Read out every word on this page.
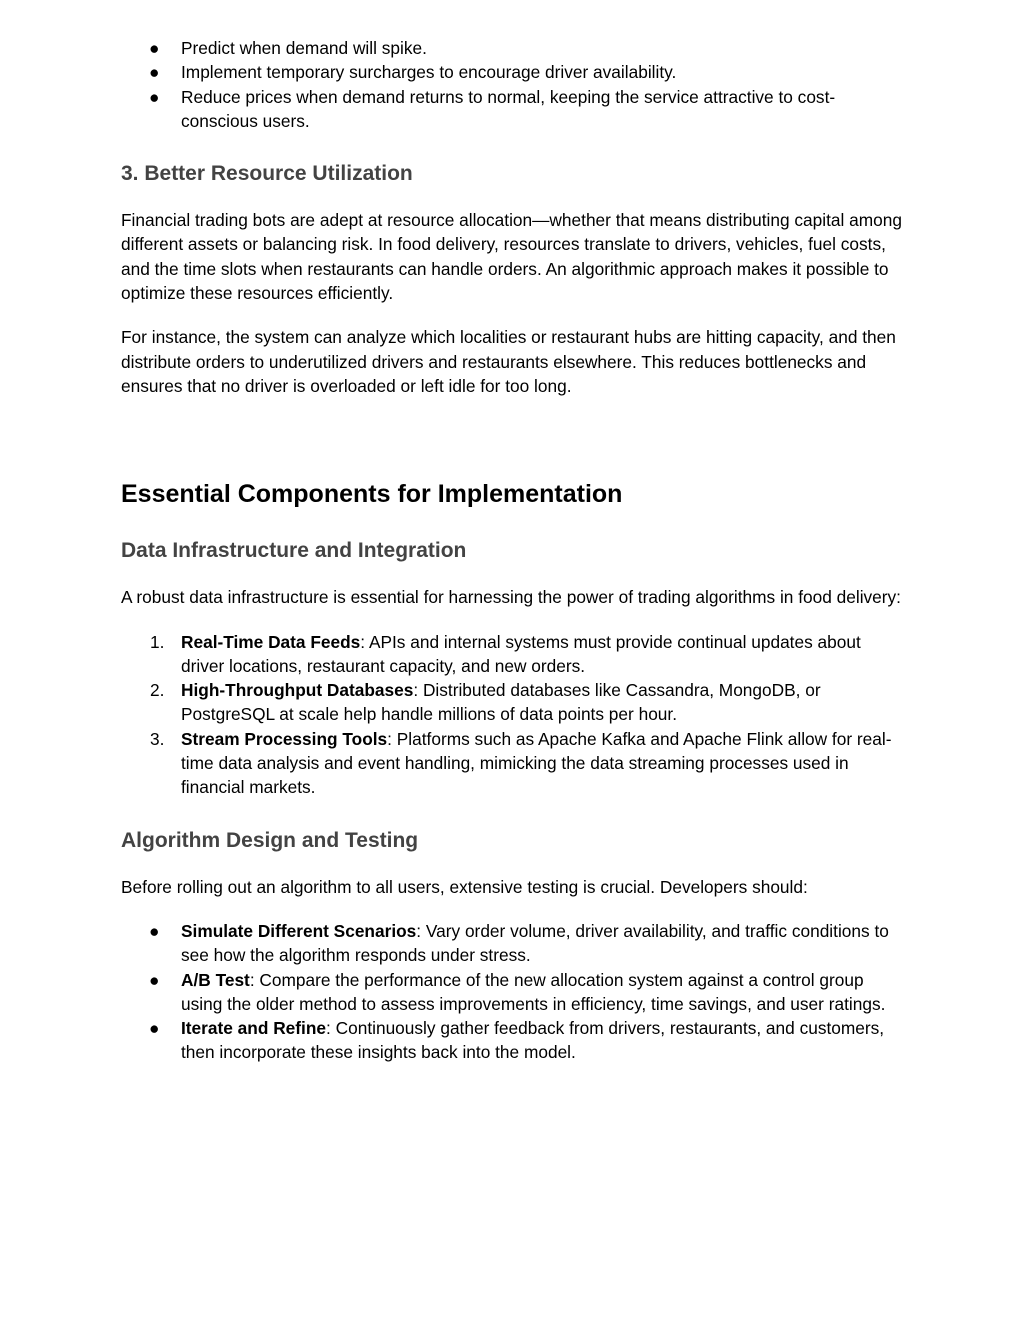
●	Predict when demand will spike.
●	Implement temporary surcharges to encourage driver availability.
●	Reduce prices when demand returns to normal, keeping the service attractive to cost-conscious users.
3. Better Resource Utilization

Financial trading bots are adept at resource allocation—whether that means distributing capital among different assets or balancing risk. In food delivery, resources translate to drivers, vehicles, fuel costs, and the time slots when restaurants can handle orders. An algorithmic approach makes it possible to optimize these resources efficiently.

For instance, the system can analyze which localities or restaurant hubs are hitting capacity, and then distribute orders to underutilized drivers and restaurants elsewhere. This reduces bottlenecks and ensures that no driver is overloaded or left idle for too long.

Essential Components for Implementation
Data Infrastructure and Integration

A robust data infrastructure is essential for harnessing the power of trading algorithms in food delivery:

1. Real-Time Data Feeds: APIs and internal systems must provide continual updates about driver locations, restaurant capacity, and new orders.
2. High-Throughput Databases: Distributed databases like Cassandra, MongoDB, or PostgreSQL at scale help handle millions of data points per hour.
3. Stream Processing Tools: Platforms such as Apache Kafka and Apache Flink allow for real-time data analysis and event handling, mimicking the data streaming processes used in financial markets.
Algorithm Design and Testing

Before rolling out an algorithm to all users, extensive testing is crucial. Developers should:

●	Simulate Different Scenarios: Vary order volume, driver availability, and traffic conditions to see how the algorithm responds under stress.
●	A/B Test: Compare the performance of the new allocation system against a control group using the older method to assess improvements in efficiency, time savings, and user ratings.
●	Iterate and Refine: Continuously gather feedback from drivers, restaurants, and customers, then incorporate these insights back into the model.
